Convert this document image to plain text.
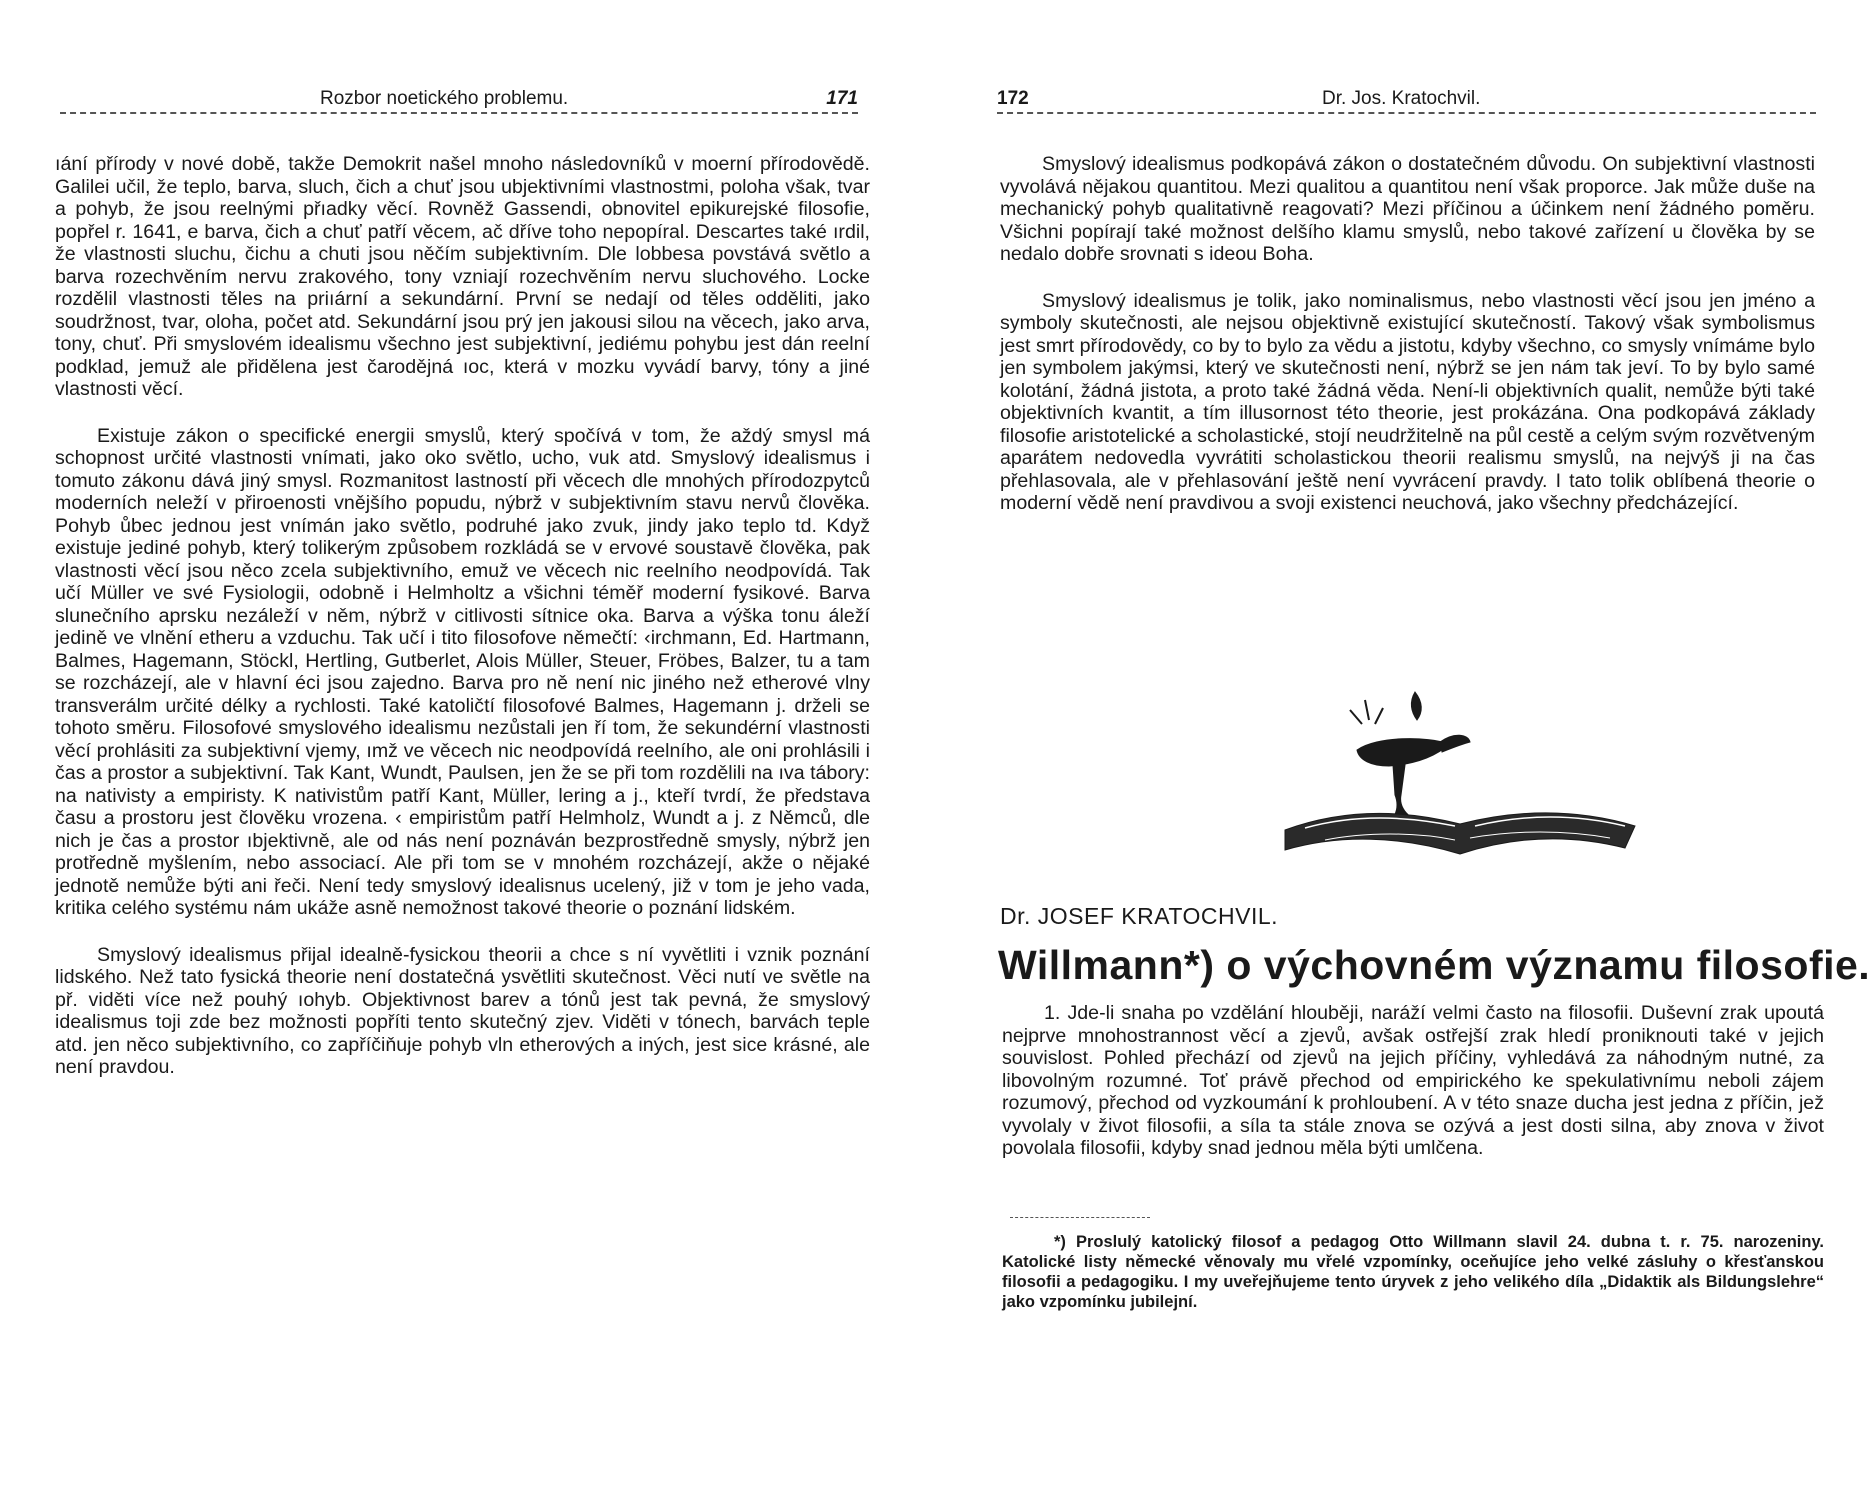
Rozbor noetického problemu.	171

ıání přírody v nové době, takže Demokrit našel mnoho následovníků v moerní přírodovědě. Galilei učil, že teplo, barva, sluch, čich a chuť jsou ubjektivními vlastnostmi, poloha však, tvar a pohyb, že jsou reelnými přıadky věcí. Rovněž Gassendi, obnovitel epikurejské filosofie, popřel r. 1641, e barva, čich a chuť patří věcem, ač dříve toho nepopíral. Descartes také ırdil, že vlastnosti sluchu, čichu a chuti jsou něčím subjektivním. Dle lobbesa povstává světlo a barva rozechvěním nervu zrakového, tony vzniají rozechvěním nervu sluchového. Locke rozdělil vlastnosti těles na priıární a sekundární. První se nedají od těles odděliti, jako soudržnost, tvar, oloha, počet atd. Sekundární jsou prý jen jakousi silou na věcech, jako arva, tony, chuť. Při smyslovém idealismu všechno jest subjektivní, jediému pohybu jest dán reelní podklad, jemuž ale přidělena jest čarodějná ıoc, která v mozku vyvádí barvy, tóny a jiné vlastnosti věcí.

Existuje zákon o specifické energii smyslů, který spočívá v tom, že aždý smysl má schopnost určité vlastnosti vnímati, jako oko světlo, ucho, vuk atd. Smyslový idealismus i tomuto zákonu dává jiný smysl. Rozmanitost lastností při věcech dle mnohých přírodozpytců moderních neleží v přiroenosti vnějšího popudu, nýbrž v subjektivním stavu nervů člověka. Pohyb ůbec jednou jest vnímán jako světlo, podruhé jako zvuk, jindy jako teplo td. Když existuje jediné pohyb, který tolikerým způsobem rozkládá se v ervové soustavě člověka, pak vlastnosti věcí jsou něco zcela subjektivního, emuž ve věcech nic reelního neodpovídá. Tak učí Müller ve své Fysiologii, odobně i Helmholtz a všichni téměř moderní fysikové. Barva slunečního aprsku nezáleží v něm, nýbrž v citlivosti sítnice oka. Barva a výška tonu áleží jedině ve vlnění etheru a vzduchu. Tak učí i tito filosofove němečtí: ‹irchmann, Ed. Hartmann, Balmes, Hagemann, Stöckl, Hertling, Gutberlet, Alois Müller, Steuer, Fröbes, Balzer, tu a tam se rozcházejí, ale v hlavní éci jsou zajedno. Barva pro ně není nic jiného než etherové vlny transverálm určité délky a rychlosti. Také katoličtí filosofové Balmes, Hagemann j. drželi se tohoto směru. Filosofové smyslového idealismu nezůstali jen ří tom, že sekundérní vlastnosti věcí prohlásiti za subjektivní vjemy, ımž ve věcech nic neodpovídá reelního, ale oni prohlásili i čas a prostor a subjektivní. Tak Kant, Wundt, Paulsen, jen že se při tom rozdělili na ıva tábory: na nativisty a empiristy. K nativistům patří Kant, Müller, lering a j., kteří tvrdí, že představa času a prostoru jest člověku vrozena. ‹ empiristům patří Helmholz, Wundt a j. z Němců, dle nich je čas a prostor ıbjektivně, ale od nás není poznáván bezprostředně smysly, nýbrž jen protředně myšlením, nebo associací. Ale při tom se v mnohém rozcházejí, akže o nějaké jednotě nemůže býti ani řeči. Není tedy smyslový idealisnus ucelený, již v tom je jeho vada, kritika celého systému nám ukáže asně nemožnost takové theorie o poznání lidském.

Smyslový idealismus přijal idealně-fysickou theorii a chce s ní vyvětliti i vznik poznání lidského. Než tato fysická theorie není dostatečná ysvětliti skutečnost. Věci nutí ve světle na př. viděti více než pouhý ıohyb. Objektivnost barev a tónů jest tak pevná, že smyslový idealismus toji zde bez možnosti popříti tento skutečný zjev. Viděti v tónech, barvách teple atd. jen něco subjektivního, co zapříčiňuje pohyb vln etherových a iných, jest sice krásné, ale není pravdou.

172	Dr. Jos. Kratochvil.

Smyslový idealismus podkopává zákon o dostatečném důvodu. On subjektivní vlastnosti vyvolává nějakou quantitou. Mezi qualitou a quantitou není však proporce. Jak může duše na mechanický pohyb qualitativně reagovati? Mezi příčinou a účinkem není žádného poměru. Všichni popírají také možnost delšího klamu smyslů, nebo takové zařízení u člověka by se nedalo dobře srovnati s ideou Boha.

Smyslový idealismus je tolik, jako nominalismus, nebo vlastnosti věcí jsou jen jméno a symboly skutečnosti, ale nejsou objektivně existující skutečností. Takový však symbolismus jest smrt přírodovědy, co by to bylo za vědu a jistotu, kdyby všechno, co smysly vnímáme bylo jen symbolem jakýmsi, který ve skutečnosti není, nýbrž se jen nám tak jeví. To by bylo samé kolotání, žádná jistota, a proto také žádná věda. Není-li objektivních qualit, nemůže býti také objektivních kvantit, a tím illusornost této theorie, jest prokázána. Ona podkopává základy filosofie aristotelické a scholastické, stojí neudržitelně na půl cestě a celým svým rozvětveným aparátem nedovedla vyvrátiti scholastickou theorii realismu smyslů, na nejvýš ji na čas přehlasovala, ale v přehlasování ještě není vyvrácení pravdy. I tato tolik oblíbená theorie o moderní vědě není pravdivou a svoji existenci neuchová, jako všechny předcházející.

Dr. JOSEF KRATOCHVIL.
Willmann*) o výchovném významu filosofie.

1. Jde-li snaha po vzdělání hlouběji, naráží velmi často na filosofii. Duševní zrak upoutá nejprve mnohostrannost věcí a zjevů, avšak ostřejší zrak hledí proniknouti také v jejich souvislost. Pohled přechází od zjevů na jejich příčiny, vyhledává za náhodným nutné, za libovolným rozumné. Toť právě přechod od empirického ke spekulativnímu neboli zájem rozumový, přechod od vyzkoumání k prohloubení. A v této snaze ducha jest jedna z příčin, jež vyvolaly v život filosofii, a síla ta stále znova se ozývá a jest dosti silna, aby znova v život povolala filosofii, kdyby snad jednou měla býti umlčena.

*) Proslulý katolický filosof a pedagog Otto Willmann slavil 24. dubna t. r. 75. narozeniny. Katolické listy německé věnovaly mu vřelé vzpomínky, oceňujíce jeho velké zásluhy o křesťanskou filosofii a pedagogiku. I my uveřejňujeme tento úryvek z jeho velikého díla „Didaktik als Bildungslehre“ jako vzpomínku jubilejní.
